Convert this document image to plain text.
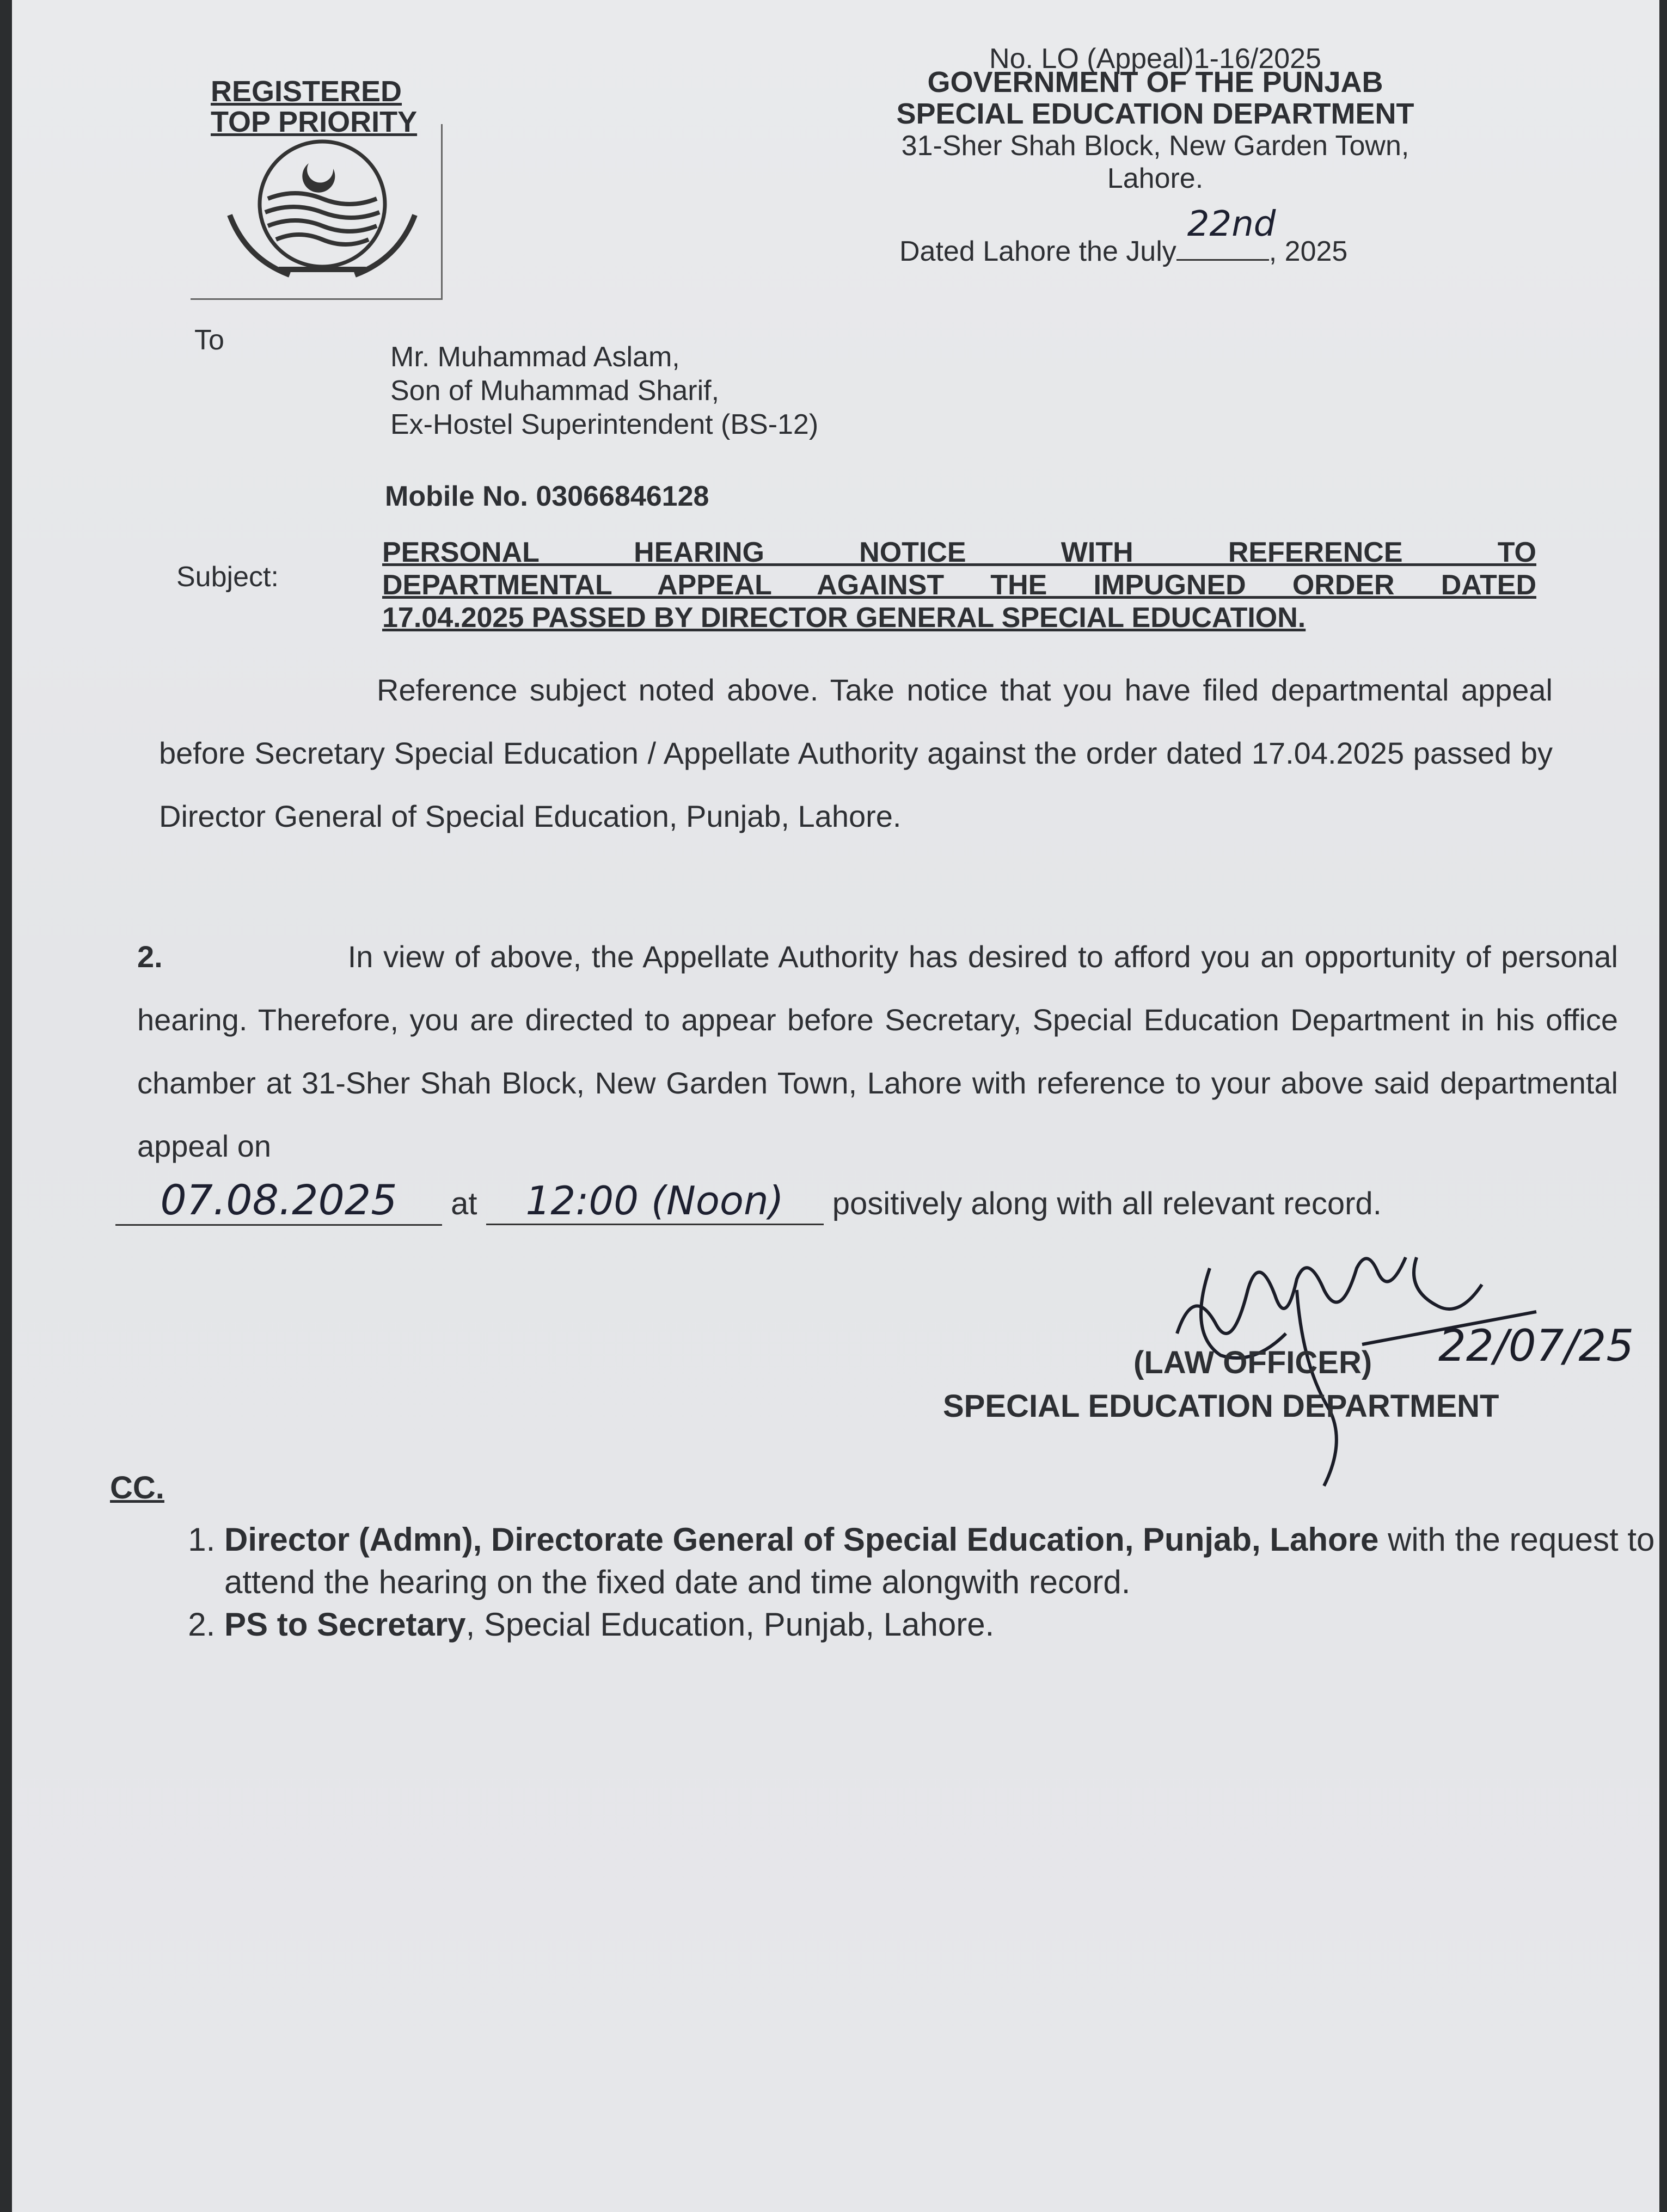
REGISTERED
TOP PRIORITY
No. LO (Appeal)1-16/2025
GOVERNMENT OF THE PUNJAB
SPECIAL EDUCATION DEPARTMENT
31-Sher Shah Block, New Garden Town,
Lahore.
Dated Lahore the July
22nd
, 2025
To
Mr. Muhammad Aslam,
Son of Muhammad Sharif,
Ex-Hostel Superintendent (BS-12)
Mobile No. 03066846128
Subject:
PERSONAL HEARING NOTICE WITH REFERENCE TO
DEPARTMENTAL APPEAL AGAINST THE IMPUGNED ORDER DATED
17.04.2025 PASSED BY DIRECTOR GENERAL SPECIAL EDUCATION.
Reference subject noted above. Take notice that you have filed departmental appeal before Secretary Special Education / Appellate Authority against the order dated 17.04.2025 passed by Director General of Special Education, Punjab, Lahore.
2.	In view of above, the Appellate Authority has desired to afford you an opportunity of personal hearing. Therefore, you are directed to appear before Secretary, Special Education Department in his office chamber at 31-Sher Shah Block, New Garden Town, Lahore with reference to your above said departmental appeal on
07.08.2025 at 12:00 (Noon) positively along with all relevant record.
22/07/25
(LAW OFFICER)
SPECIAL EDUCATION DEPARTMENT
CC.
1. Director (Admn), Directorate General of Special Education, Punjab, Lahore with the request to attend the hearing on the fixed date and time alongwith record.
2. PS to Secretary, Special Education, Punjab, Lahore.
